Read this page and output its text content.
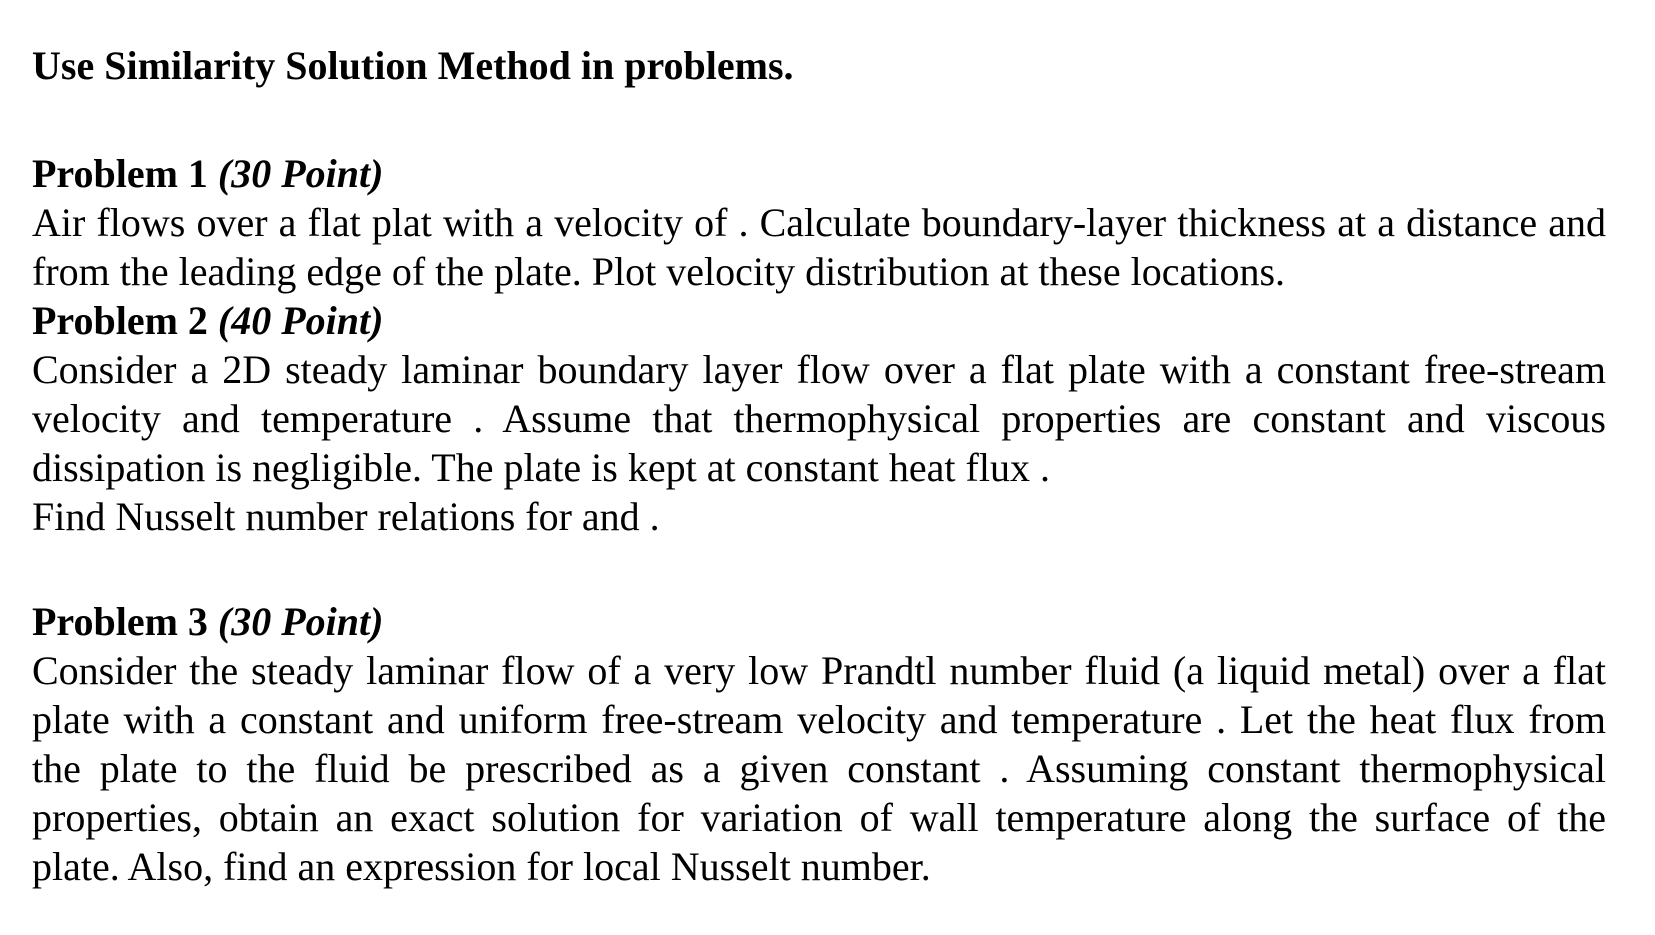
Use Similarity Solution Method in problems.

Problem 1 (30 Point)

Air flows over a flat plat with a velocity of . Calculate boundary-layer thickness at a distance and from the leading edge of the plate. Plot velocity distribution at these locations.

Problem 2 (40 Point)

Consider a 2D steady laminar boundary layer flow over a flat plate with a constant free-stream velocity and temperature . Assume that thermophysical properties are constant and viscous dissipation is negligible. The plate is kept at constant heat flux .

Find Nusselt number relations for and .

Problem 3 (30 Point)

Consider the steady laminar flow of a very low Prandtl number fluid (a liquid metal) over a flat plate with a constant and uniform free-stream velocity and temperature . Let the heat flux from the plate to the fluid be prescribed as a given constant . Assuming constant thermophysical properties, obtain an exact solution for variation of wall temperature along the surface of the plate. Also, find an expression for local Nusselt number.
